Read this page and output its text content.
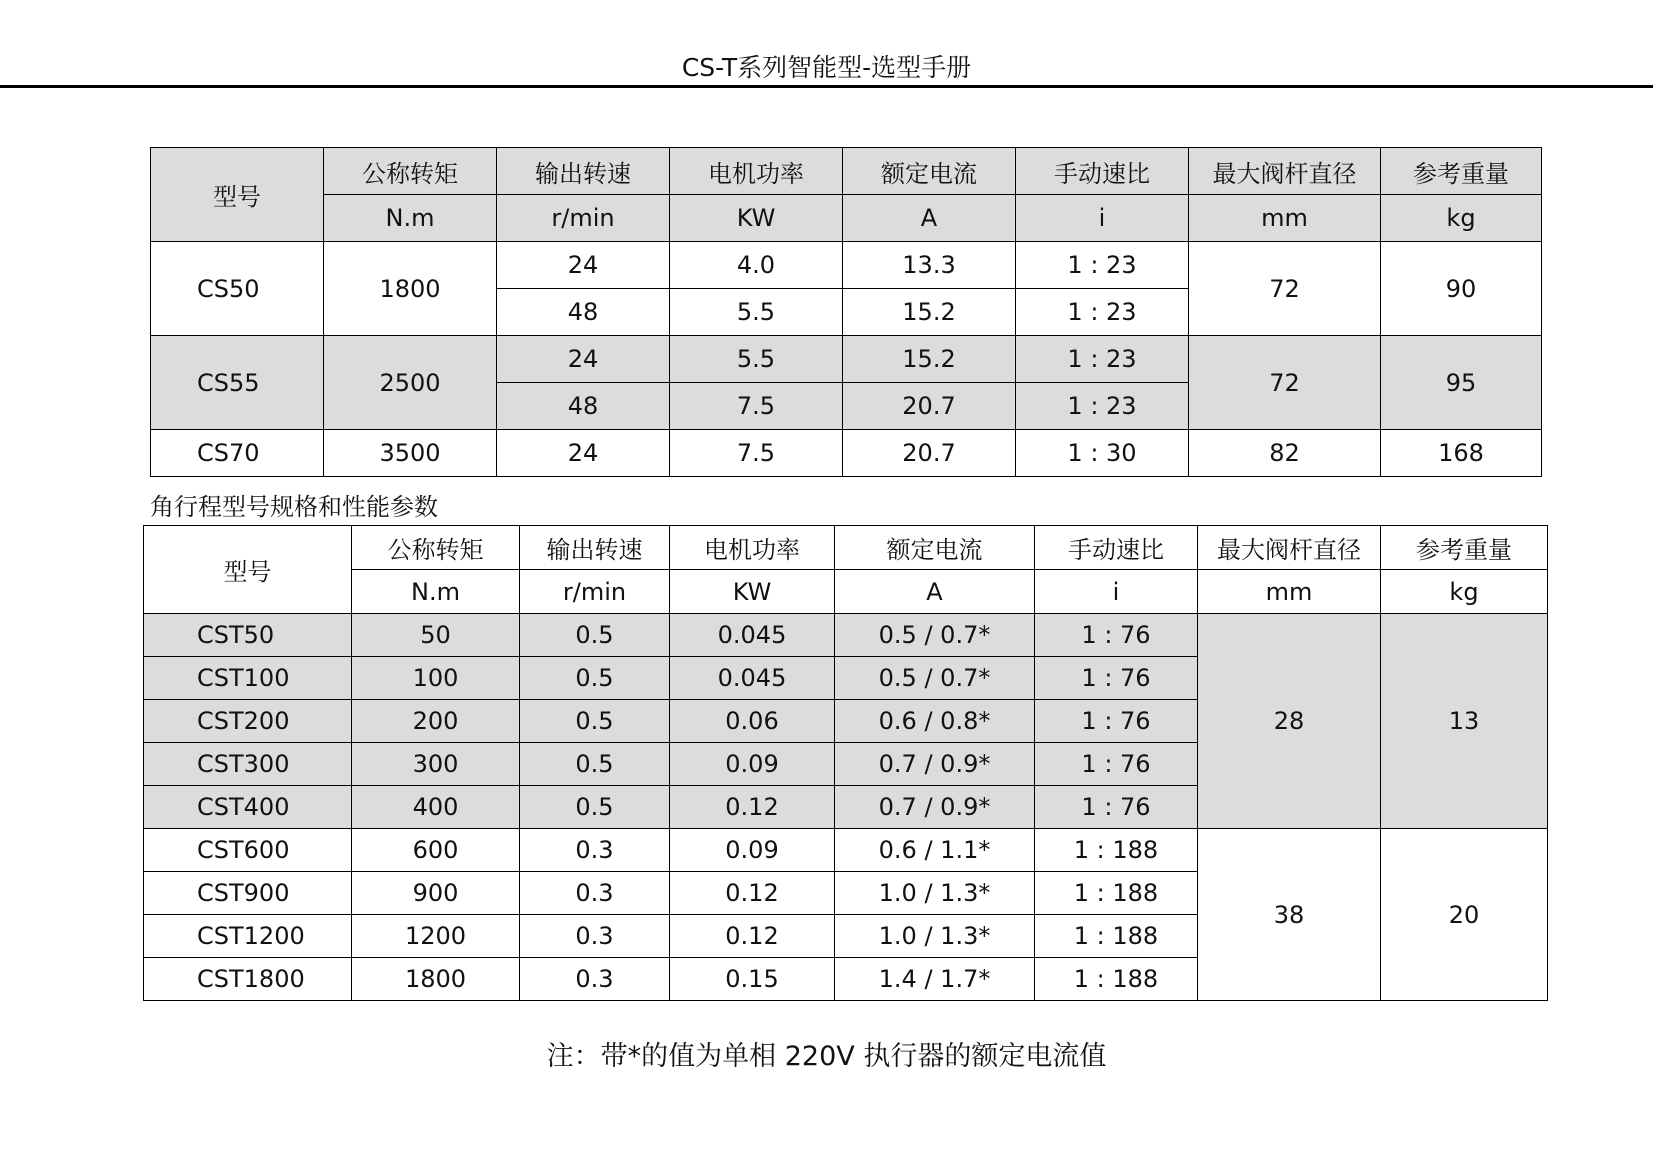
CS-T系列智能型-选型手册
型号	公称转矩	输出转速	电机功率	额定电流	手动速比	最大阀杆直径	参考重量
	N.m	r/min	KW	A	i	mm	kg
CS50	1800	24	4.0	13.3	1 : 23	72	90
		48	5.5	15.2	1 : 23		
CS55	2500	24	5.5	15.2	1 : 23	72	95
		48	7.5	20.7	1 : 23		
CS70	3500	24	7.5	20.7	1 : 30	82	168
角行程型号规格和性能参数
型号	公称转矩	输出转速	电机功率	额定电流	手动速比	最大阀杆直径	参考重量
	N.m	r/min	KW	A	i	mm	kg
CST50	50	0.5	0.045	0.5 / 0.7*	1 : 76	28	13
CST100	100	0.5	0.045	0.5 / 0.7*	1 : 76		
CST200	200	0.5	0.06	0.6 / 0.8*	1 : 76		
CST300	300	0.5	0.09	0.7 / 0.9*	1 : 76		
CST400	400	0.5	0.12	0.7 / 0.9*	1 : 76		
CST600	600	0.3	0.09	0.6 / 1.1*	1 : 188	38	20
CST900	900	0.3	0.12	1.0 / 1.3*	1 : 188		
CST1200	1200	0.3	0.12	1.0 / 1.3*	1 : 188		
CST1800	1800	0.3	0.15	1.4 / 1.7*	1 : 188		
注：带*的值为单相 220V 执行器的额定电流值
